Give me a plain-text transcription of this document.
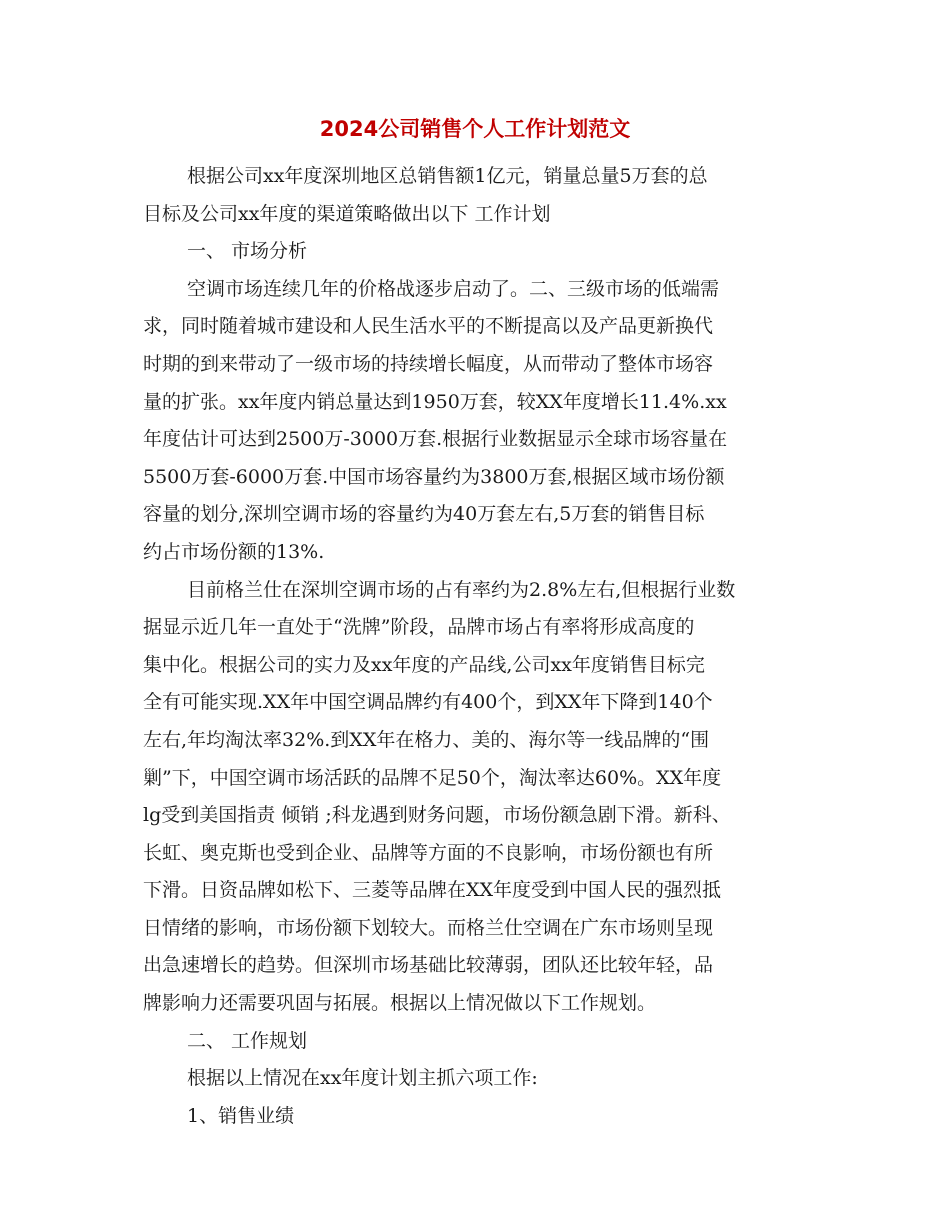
2024公司销售个人工作计划范文
根据公司xx年度深圳地区总销售额1亿元，销量总量5万套的总
目标及公司xx年度的渠道策略做出以下 工作计划
一、 市场分析
空调市场连续几年的价格战逐步启动了。二、三级市场的低端需
求，同时随着城市建设和人民生活水平的不断提高以及产品更新换代
时期的到来带动了一级市场的持续增长幅度，从而带动了整体市场容
量的扩张。xx年度内销总量达到1950万套，较XX年度增长11.4%.xx
年度估计可达到2500万-3000万套.根据行业数据显示全球市场容量在
5500万套-6000万套.中国市场容量约为3800万套,根据区域市场份额
容量的划分,深圳空调市场的容量约为40万套左右,5万套的销售目标
约占市场份额的13%.
目前格兰仕在深圳空调市场的占有率约为2.8%左右,但根据行业数
据显示近几年一直处于“洗牌”阶段，品牌市场占有率将形成高度的
集中化。根据公司的实力及xx年度的产品线,公司xx年度销售目标完
全有可能实现.XX年中国空调品牌约有400个，到XX年下降到140个
左右,年均淘汰率32%.到XX年在格力、美的、海尔等一线品牌的“围
剿”下，中国空调市场活跃的品牌不足50个，淘汰率达60%。XX年度
lg受到美国指责 倾销 ;科龙遇到财务问题，市场份额急剧下滑。新科、
长虹、奥克斯也受到企业、品牌等方面的不良影响，市场份额也有所
下滑。日资品牌如松下、三菱等品牌在XX年度受到中国人民的强烈抵
日情绪的影响，市场份额下划较大。而格兰仕空调在广东市场则呈现
出急速增长的趋势。但深圳市场基础比较薄弱，团队还比较年轻，品
牌影响力还需要巩固与拓展。根据以上情况做以下工作规划。
二、 工作规划
根据以上情况在xx年度计划主抓六项工作:
1、销售业绩
